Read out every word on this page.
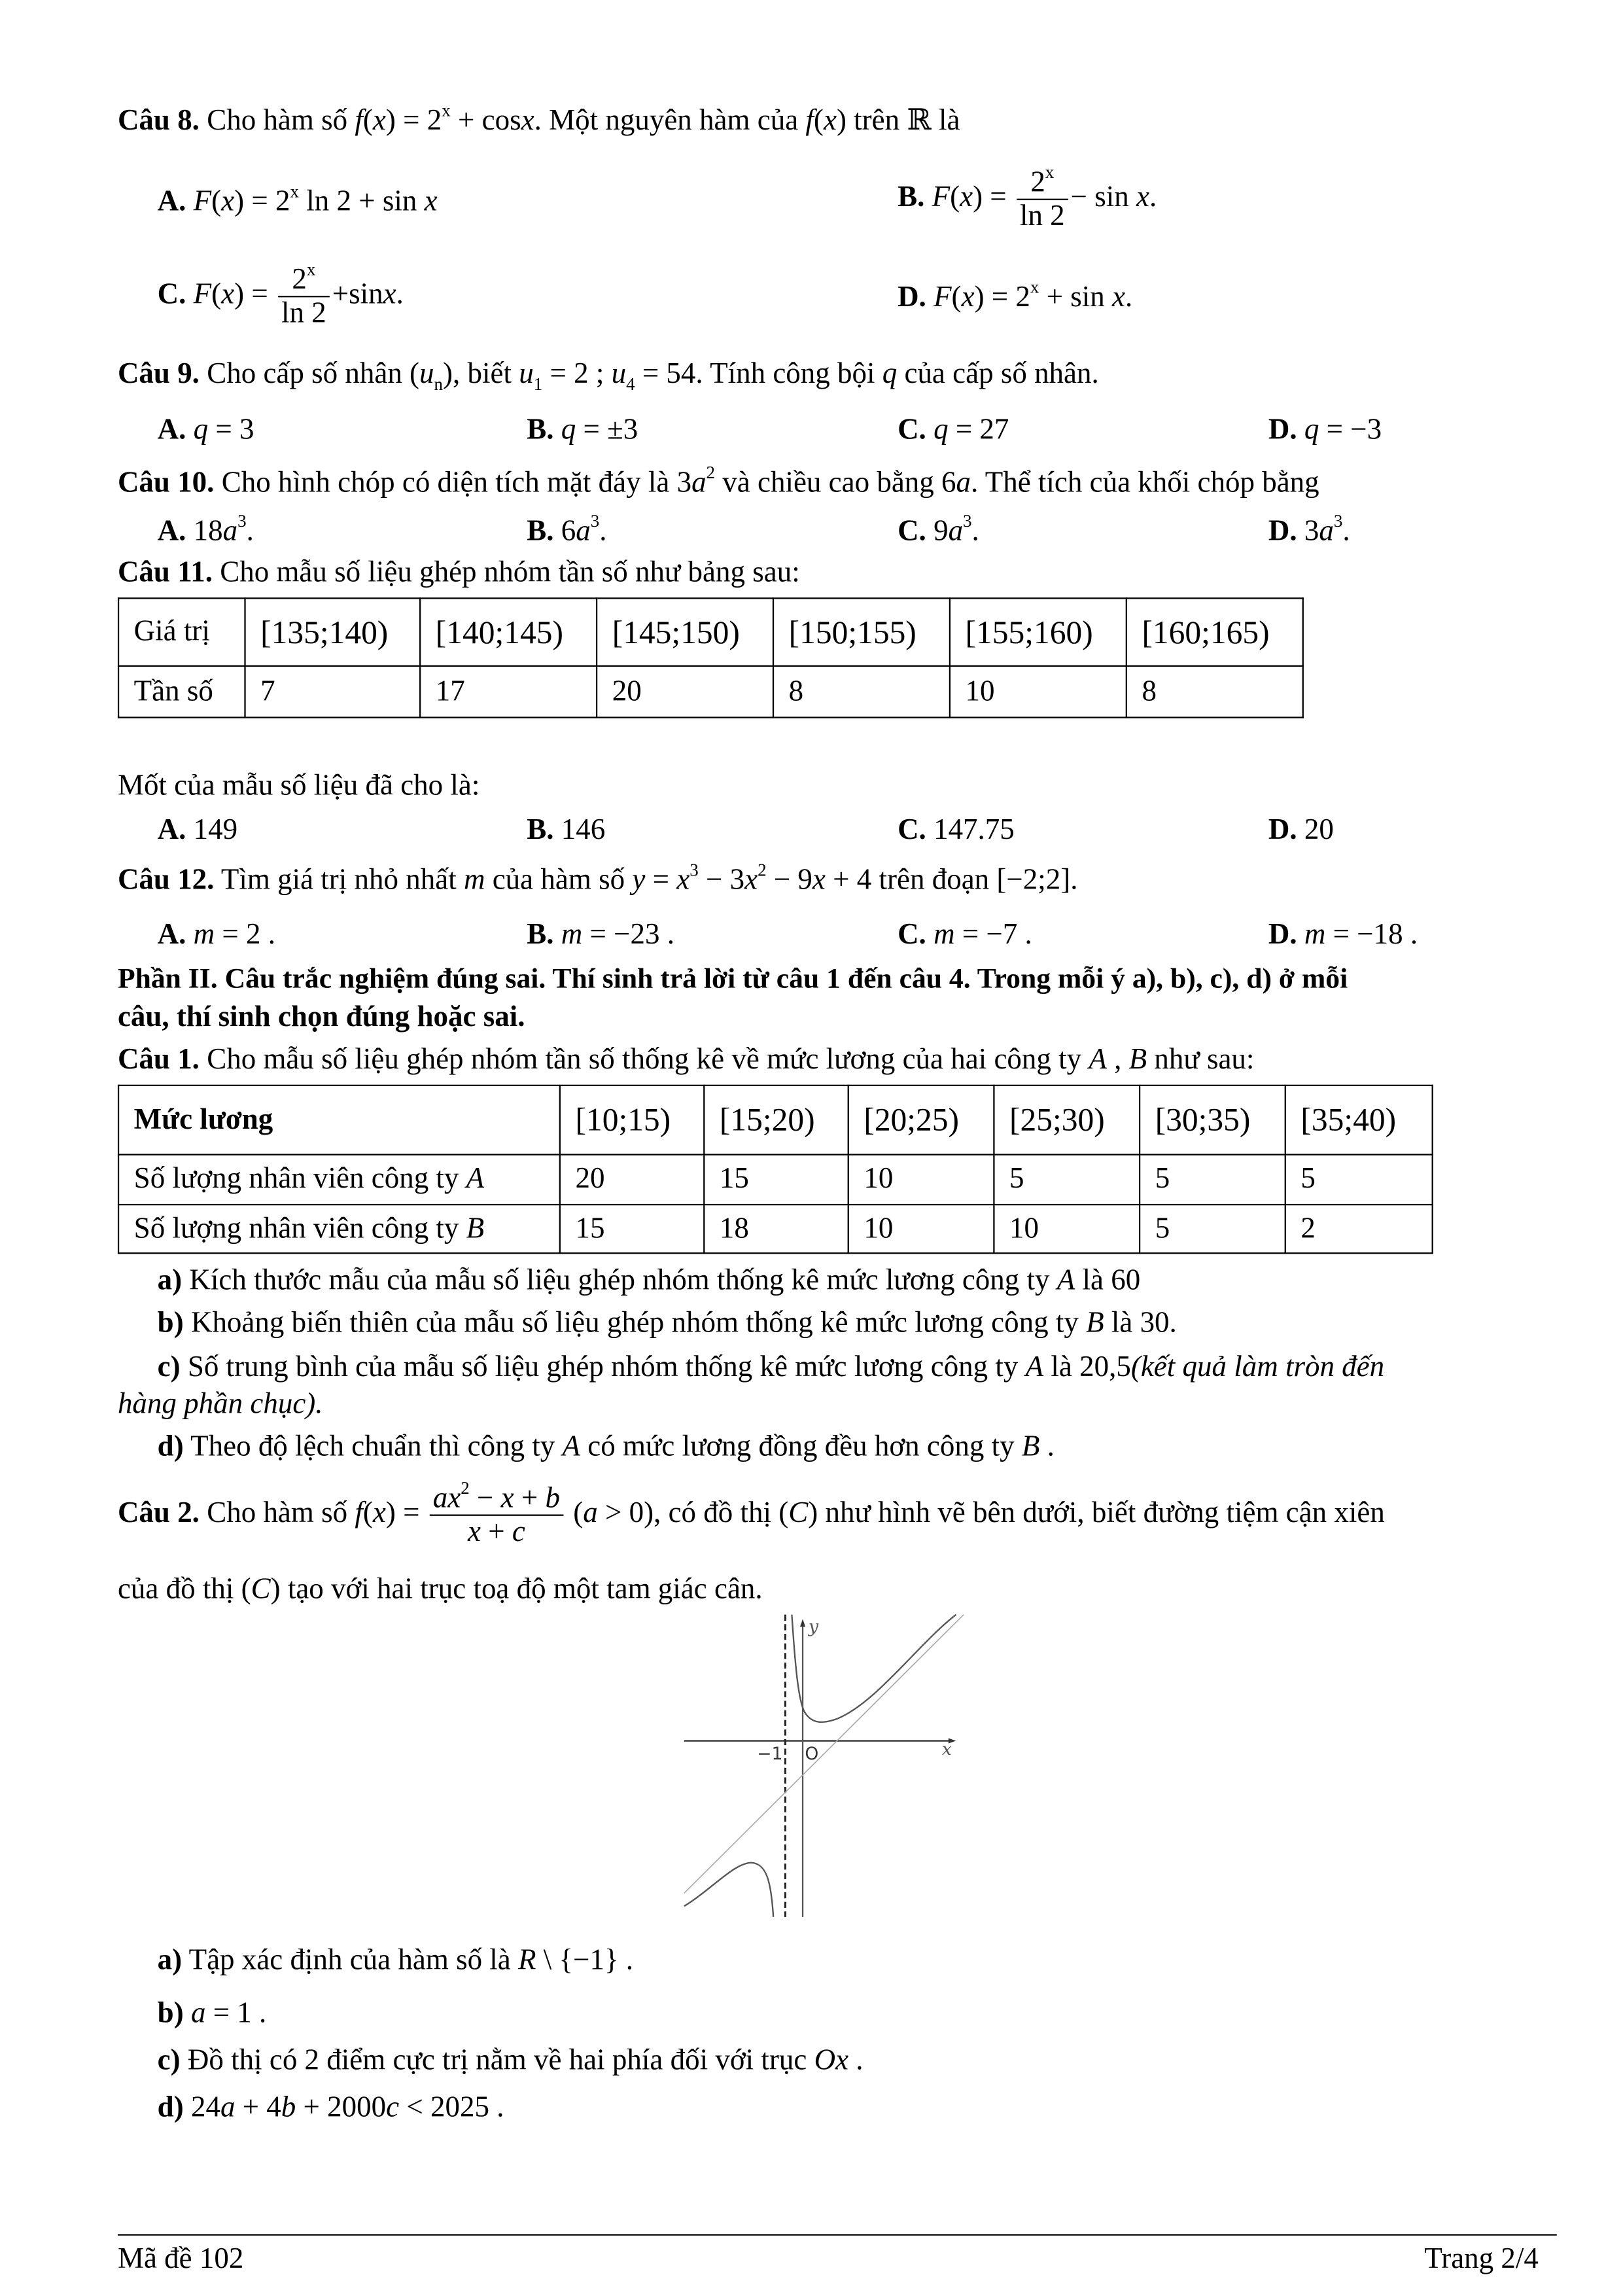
Câu 8. Cho hàm số $f(x) = 2^x + \cos x$. Một nguyên hàm của f(x) trên ℝ là
A. $F(x) = 2^x$ ln 2 + sin x	B. $F(x) = \frac{2^x}{\ln 2} - \sin x$.
C. $F(x) = \frac{2^x}{\ln 2} +\sin x$.	D. $F(x) = 2^x + \sin x$.
Câu 9. Cho cấp số nhân $(u_n)$, biết $u_1 = 2$ ; $u_4 = 54$. Tính công bội q của cấp số nhân.
A. q = 3	B. q = ±3	C. q = 27	D. q = −3
Câu 10. Cho hình chóp có diện tích mặt đáy là $3a^2$ và chiều cao bằng 6a. Thể tích của khối chóp bằng
A. $18a^3$.	B. $6a^3$.	C. $9a^3$.	D. $3a^3$.
Câu 11. Cho mẫu số liệu ghép nhóm tần số như bảng sau:
Giá trị	[135;140)	[140;145)	[145;150)	[150;155)	[155;160)	[160;165)
Tần số	7	17	20	8	10	8
Mốt của mẫu số liệu đã cho là:
A. 149	B. 146	C. 147.75	D. 20
Câu 12. Tìm giá trị nhỏ nhất m của hàm số $y = x^3 - 3x^2 - 9x + 4$ trên đoạn [−2;2].
A. m = 2 .	B. m = −23 .	C. m = −7 .	D. m = −18 .
Phần II. Câu trắc nghiệm đúng sai. Thí sinh trả lời từ câu 1 đến câu 4. Trong mỗi ý a), b), c), d) ở mỗi
câu, thí sinh chọn đúng hoặc sai.
Câu 1. Cho mẫu số liệu ghép nhóm tần số thống kê về mức lương của hai công ty A , B như sau:
Mức lương	[10;15)	[15;20)	[20;25)	[25;30)	[30;35)	[35;40)
Số lượng nhân viên công ty A	20	15	10	5	5	5
Số lượng nhân viên công ty B	15	18	10	10	5	2
a) Kích thước mẫu của mẫu số liệu ghép nhóm thống kê mức lương công ty A là 60
b) Khoảng biến thiên của mẫu số liệu ghép nhóm thống kê mức lương công ty B là 30.
c) Số trung bình của mẫu số liệu ghép nhóm thống kê mức lương công ty A là 20,5(kết quả làm tròn đến
hàng phần chục).
d) Theo độ lệch chuẩn thì công ty A có mức lương đồng đều hơn công ty B .
Câu 2. Cho hàm số $f(x) = \frac{ax^2 - x + b}{x + c} (a > 0)$, có đồ thị (C) như hình vẽ bên dưới, biết đường tiệm cận xiên
của đồ thị (C) tạo với hai trục toạ độ một tam giác cân.
−1 O x
y
a) Tập xác định của hàm số là R \ {−1} .
b) a = 1 .
c) Đồ thị có 2 điểm cực trị nằm về hai phía đối với trục Ox .
d) 24a + 4b + 2000c < 2025 .
Mã đề 102	Trang 2/4
